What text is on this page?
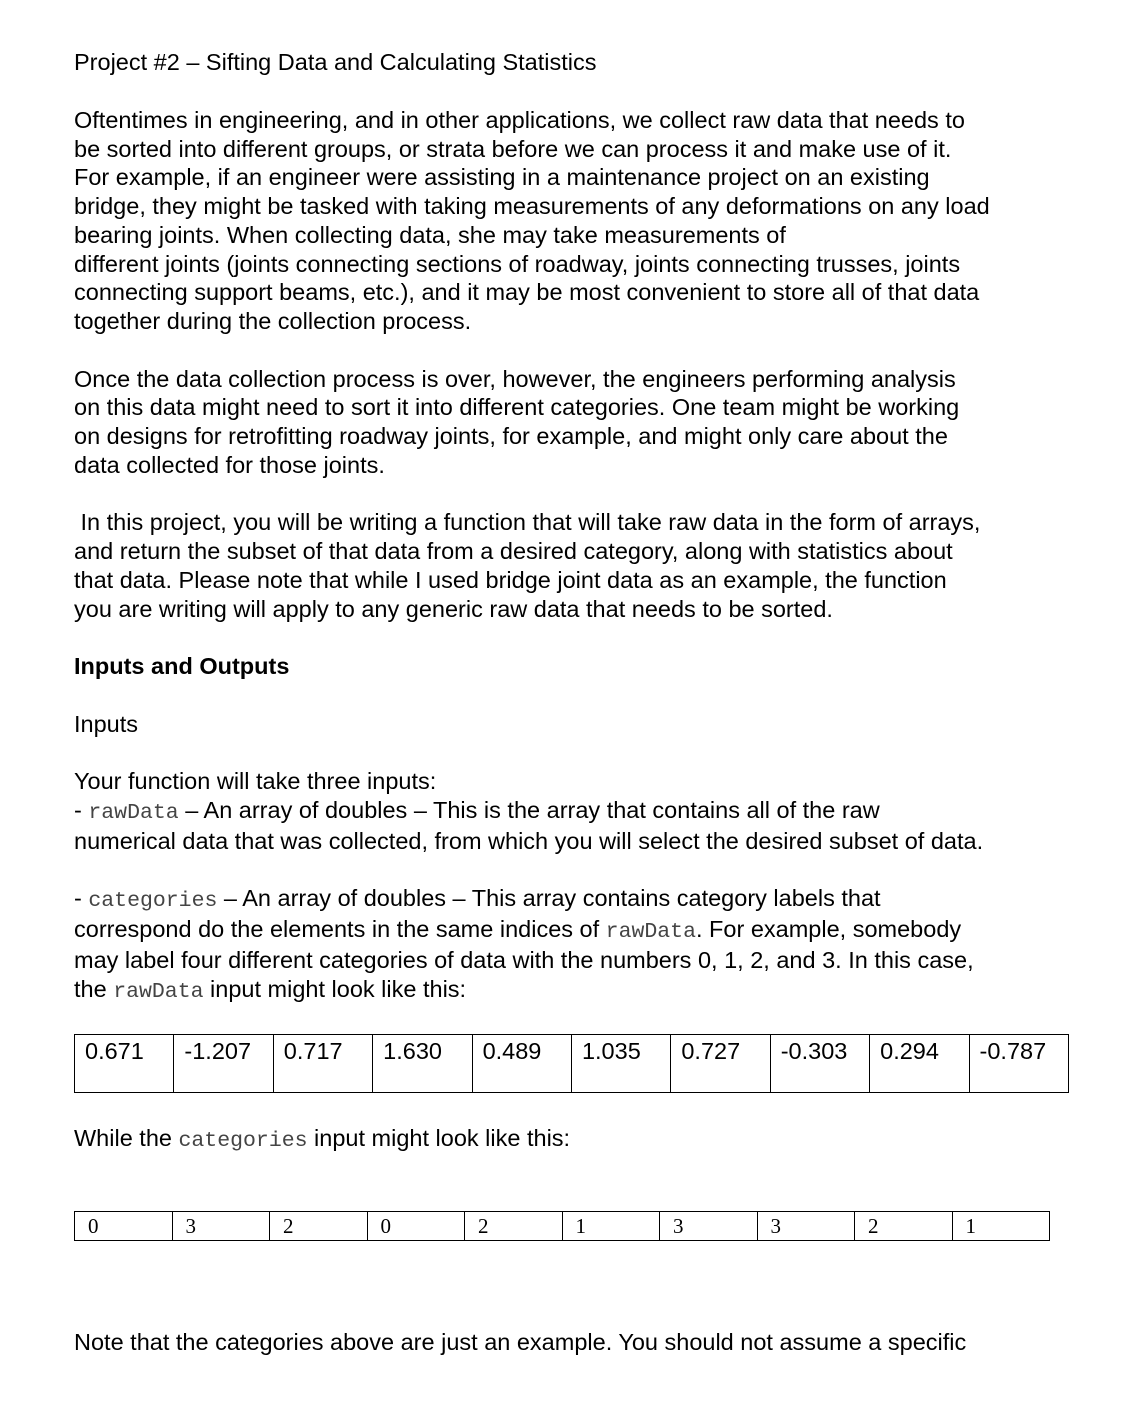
Project #2 – Sifting Data and Calculating Statistics
Oftentimes in engineering, and in other applications, we collect raw data that needs to
be sorted into different groups, or strata before we can process it and make use of it.
For example, if an engineer were assisting in a maintenance project on an existing
bridge, they might be tasked with taking measurements of any deformations on any load
bearing joints. When collecting data, she may take measurements of
different joints (joints connecting sections of roadway, joints connecting trusses, joints
connecting support beams, etc.), and it may be most convenient to store all of that data
together during the collection process.
Once the data collection process is over, however, the engineers performing analysis
on this data might need to sort it into different categories. One team might be working
on designs for retrofitting roadway joints, for example, and might only care about the
data collected for those joints.
In this project, you will be writing a function that will take raw data in the form of arrays,
and return the subset of that data from a desired category, along with statistics about
that data. Please note that while I used bridge joint data as an example, the function
you are writing will apply to any generic raw data that needs to be sorted.
Inputs and Outputs
Inputs
Your function will take three inputs:
- rawData – An array of doubles – This is the array that contains all of the raw
numerical data that was collected, from which you will select the desired subset of data.
- categories – An array of doubles – This array contains category labels that
correspond do the elements in the same indices of rawData. For example, somebody
may label four different categories of data with the numbers 0, 1, 2, and 3. In this case,
the rawData input might look like this:
0.671	-1.207	0.717	1.630	0.489	1.035	0.727	-0.303	0.294	-0.787
While the categories input might look like this:
0	3	2	0	2	1	3	3	2	1
Note that the categories above are just an example. You should not assume a specific
